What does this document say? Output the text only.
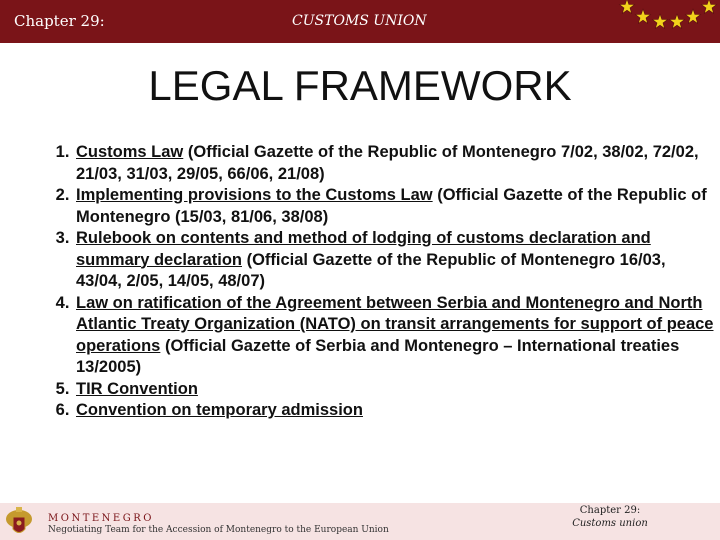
Chapter 29:	CUSTOMS UNION
LEGAL FRAMEWORK
1. Customs Law (Official Gazette of the Republic of Montenegro 7/02, 38/02, 72/02, 21/03, 31/03, 29/05, 66/06, 21/08)
2. Implementing provisions to the Customs Law (Official Gazette of the Republic of Montenegro (15/03, 81/06, 38/08)
3. Rulebook on contents and method of lodging of customs declaration and summary declaration (Official Gazette of the Republic of Montenegro 16/03, 43/04, 2/05, 14/05, 48/07)
4. Law on ratification of the Agreement between Serbia and Montenegro and North Atlantic Treaty Organization (NATO) on transit arrangements for support of peace operations (Official Gazette of Serbia and Montenegro – International treaties 13/2005)
5. TIR Convention
6. Convention on temporary admission
MONTENEGRO
Negotiating Team for the Accession of Montenegro to the European Union
Chapter 29:
Customs union
